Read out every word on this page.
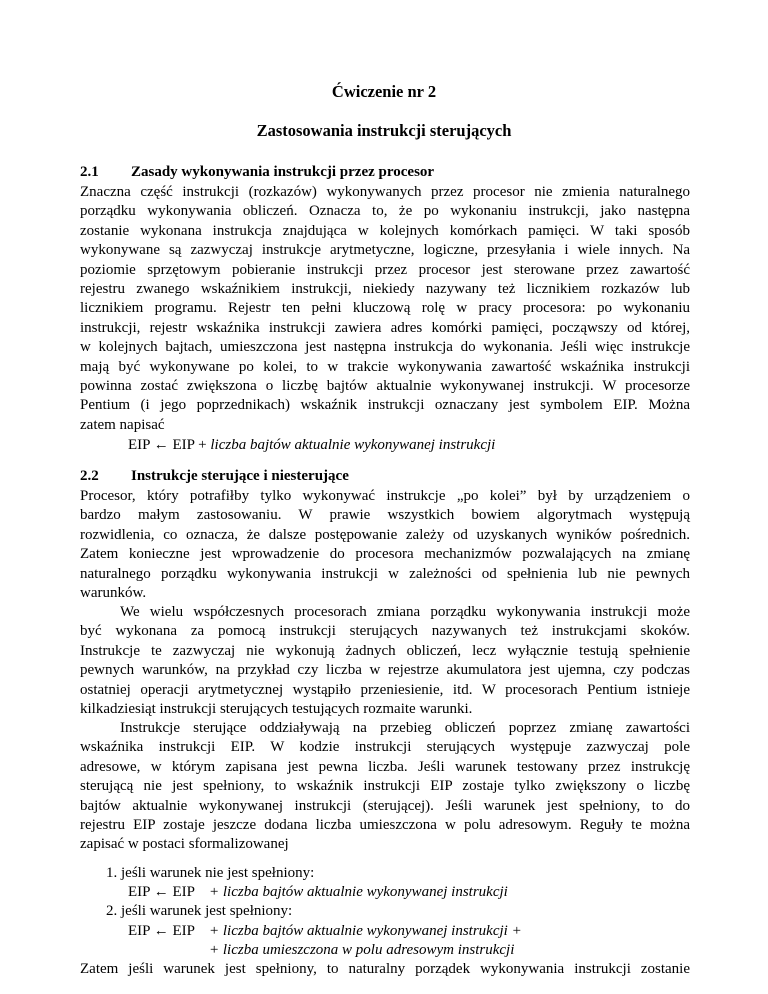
Ćwiczenie nr 2
Zastosowania instrukcji sterujących
2.1 Zasady wykonywania instrukcji przez procesor
Znaczna część instrukcji (rozkazów) wykonywanych przez procesor nie zmienia naturalnego
porządku wykonywania obliczeń. Oznacza to, że po wykonaniu instrukcji, jako następna
zostanie wykonana instrukcja znajdująca w kolejnych komórkach pamięci. W taki sposób
wykonywane są zazwyczaj instrukcje arytmetyczne, logiczne, przesyłania i wiele innych. Na
poziomie sprzętowym pobieranie instrukcji przez procesor jest sterowane przez zawartość
rejestru zwanego wskaźnikiem instrukcji, niekiedy nazywany też licznikiem rozkazów lub
licznikiem programu. Rejestr ten pełni kluczową rolę w pracy procesora: po wykonaniu
instrukcji, rejestr wskaźnika instrukcji zawiera adres komórki pamięci, począwszy od której,
w kolejnych bajtach, umieszczona jest następna instrukcja do wykonania. Jeśli więc instrukcje
mają być wykonywane po kolei, to w trakcie wykonywania zawartość wskaźnika instrukcji
powinna zostać zwiększona o liczbę bajtów aktualnie wykonywanej instrukcji. W procesorze
Pentium (i jego poprzednikach) wskaźnik instrukcji oznaczany jest symbolem EIP. Można
zatem napisać
EIP ← EIP + liczba bajtów aktualnie wykonywanej instrukcji
2.2 Instrukcje sterujące i niesterujące
Procesor, który potrafiłby tylko wykonywać instrukcje „po kolei” był by urządzeniem o
bardzo małym zastosowaniu. W prawie wszystkich bowiem algorytmach występują
rozwidlenia, co oznacza, że dalsze postępowanie zależy od uzyskanych wyników pośrednich.
Zatem konieczne jest wprowadzenie do procesora mechanizmów pozwalających na zmianę
naturalnego porządku wykonywania instrukcji w zależności od spełnienia lub nie pewnych
warunków.
We wielu współczesnych procesorach zmiana porządku wykonywania instrukcji może
być wykonana za pomocą instrukcji sterujących nazywanych też instrukcjami skoków.
Instrukcje te zazwyczaj nie wykonują żadnych obliczeń, lecz wyłącznie testują spełnienie
pewnych warunków, na przykład czy liczba w rejestrze akumulatora jest ujemna, czy podczas
ostatniej operacji arytmetycznej wystąpiło przeniesienie, itd. W procesorach Pentium istnieje
kilkadziesiąt instrukcji sterujących testujących rozmaite warunki.
Instrukcje sterujące oddziaływają na przebieg obliczeń poprzez zmianę zawartości
wskaźnika instrukcji EIP. W kodzie instrukcji sterujących występuje zazwyczaj pole
adresowe, w którym zapisana jest pewna liczba. Jeśli warunek testowany przez instrukcję
sterującą nie jest spełniony, to wskaźnik instrukcji EIP zostaje tylko zwiększony o liczbę
bajtów aktualnie wykonywanej instrukcji (sterującej). Jeśli warunek jest spełniony, to do
rejestru EIP zostaje jeszcze dodana liczba umieszczona w polu adresowym. Reguły te można
zapisać w postaci sformalizowanej
1. jeśli warunek nie jest spełniony:
EIP ← EIP + liczba bajtów aktualnie wykonywanej instrukcji
2. jeśli warunek jest spełniony:
EIP ← EIP + liczba bajtów aktualnie wykonywanej instrukcji +
+ liczba umieszczona w polu adresowym instrukcji
Zatem jeśli warunek jest spełniony, to naturalny porządek wykonywania instrukcji zostanie
